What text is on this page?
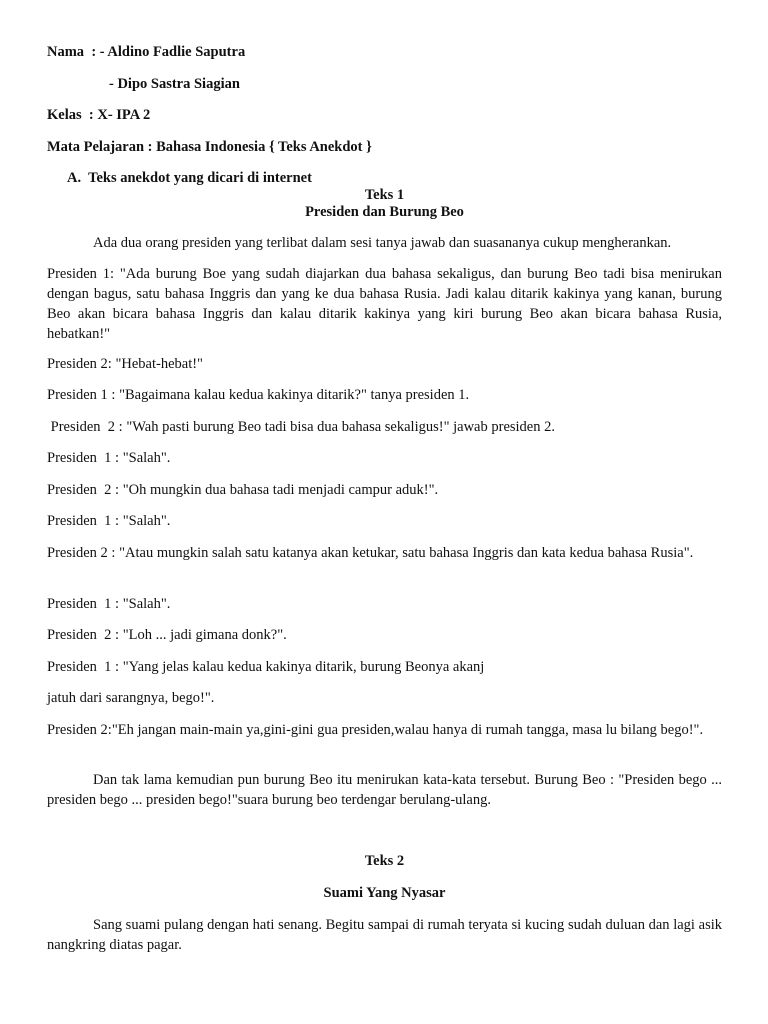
Nama : - Aldino Fadlie Saputra
- Dipo Sastra Siagian
Kelas : X- IPA 2
Mata Pelajaran : Bahasa Indonesia { Teks Anekdot }
A. Teks anekdot yang dicari di internet
Teks 1
Presiden dan Burung Beo
Ada dua orang presiden yang terlibat dalam sesi tanya jawab dan suasananya cukup mengherankan.
Presiden 1: "Ada burung Boe yang sudah diajarkan dua bahasa sekaligus, dan burung Beo tadi bisa menirukan dengan bagus, satu bahasa Inggris dan yang ke dua bahasa Rusia. Jadi kalau ditarik kakinya yang kanan, burung Beo akan bicara bahasa Inggris dan kalau ditarik kakinya yang kiri burung Beo akan bicara bahasa Rusia, hebatkan!"
Presiden 2: "Hebat-hebat!"
Presiden 1 : "Bagaimana kalau kedua kakinya ditarik?" tanya presiden 1.
Presiden  2 : "Wah pasti burung Beo tadi bisa dua bahasa sekaligus!" jawab presiden 2.
Presiden  1 : "Salah".
Presiden  2 : "Oh mungkin dua bahasa tadi menjadi campur aduk!".
Presiden  1 : "Salah".
Presiden 2 : "Atau mungkin salah satu katanya akan ketukar, satu bahasa Inggris dan kata kedua bahasa Rusia".
Presiden  1 : "Salah".
Presiden  2 : "Loh ... jadi gimana donk?".
Presiden  1 : "Yang jelas kalau kedua kakinya ditarik, burung Beonya akanj
jatuh dari sarangnya, bego!".
Presiden 2:"Eh jangan main-main ya,gini-gini gua presiden,walau hanya di rumah tangga, masa lu bilang bego!".
Dan tak lama kemudian pun burung Beo itu menirukan kata-kata tersebut. Burung Beo : "Presiden bego ... presiden bego ... presiden bego!"suara burung beo terdengar berulang-ulang.
Teks 2
Suami Yang Nyasar
Sang suami pulang dengan hati senang. Begitu sampai di rumah teryata si kucing sudah duluan dan lagi asik nangkring diatas pagar.
